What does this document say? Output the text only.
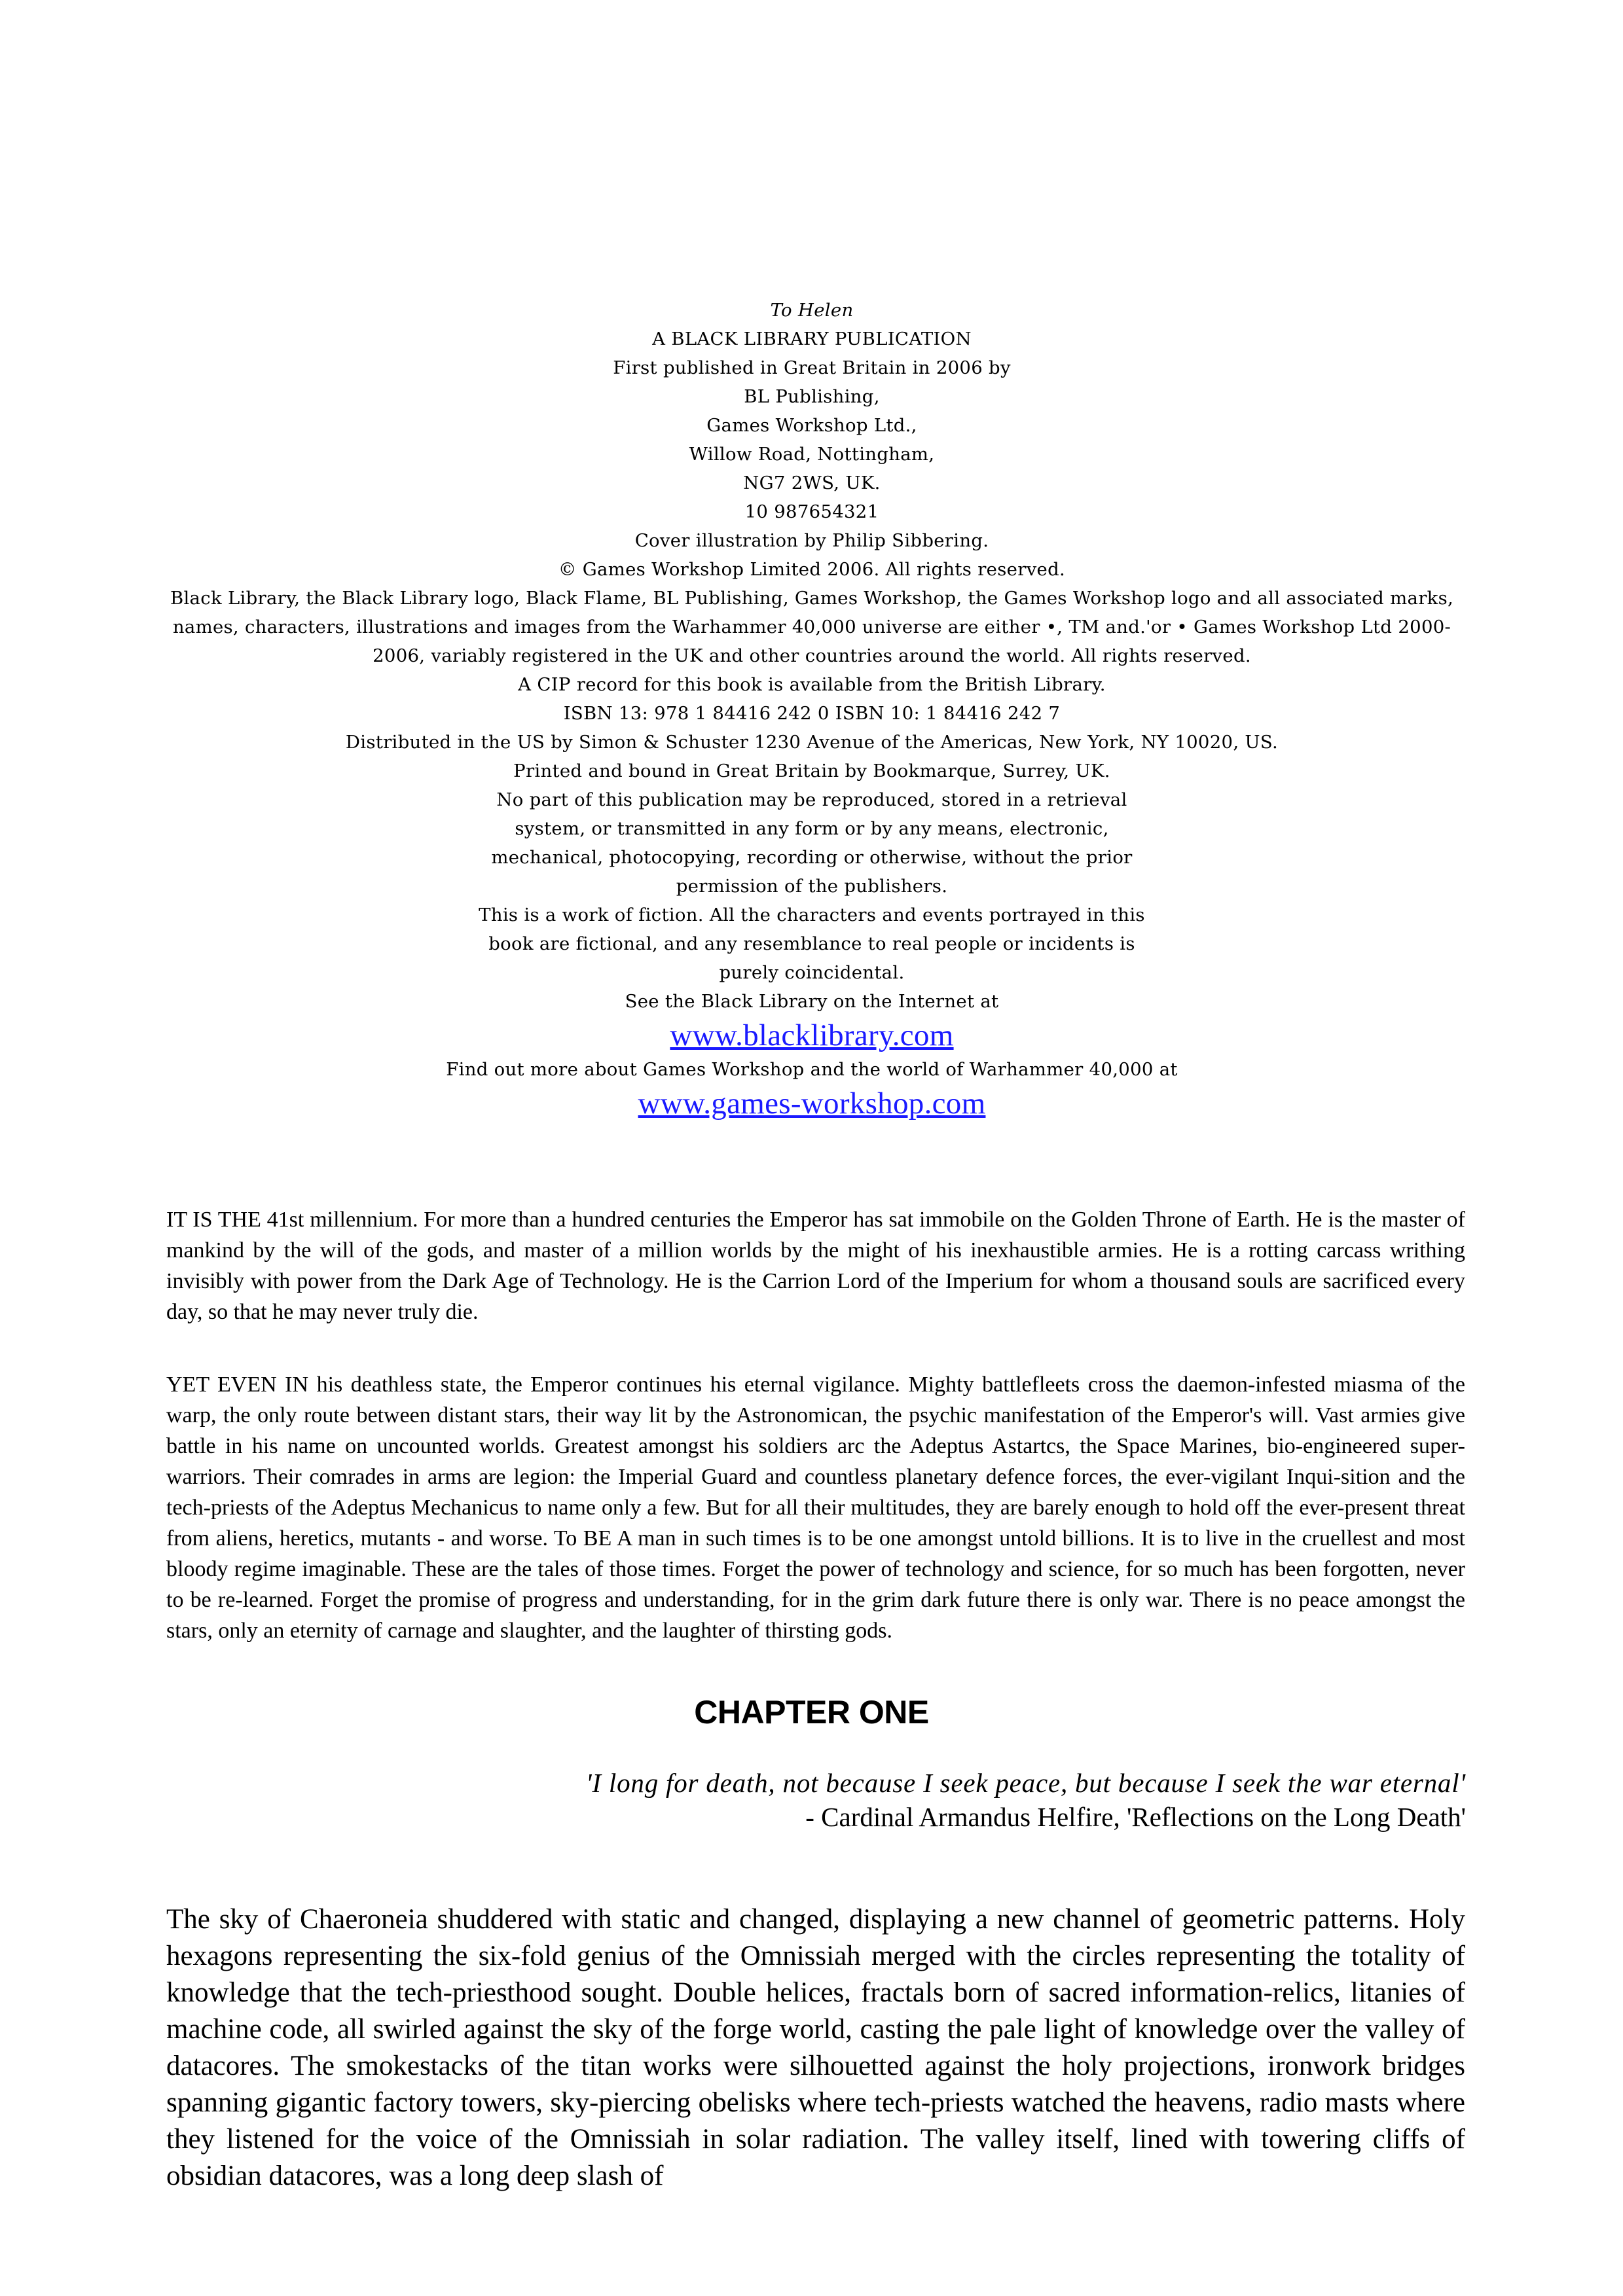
To Helen
A BLACK LIBRARY PUBLICATION
First published in Great Britain in 2006 by
BL Publishing,
Games Workshop Ltd.,
Willow Road, Nottingham,
NG7 2WS, UK.
10 987654321
Cover illustration by Philip Sibbering.
© Games Workshop Limited 2006. All rights reserved.
Black Library, the Black Library logo, Black Flame, BL Publishing, Games Workshop, the Games Workshop logo and all associated marks,
names, characters, illustrations and images from the Warhammer 40,000 universe are either •, TM and.'or • Games Workshop Ltd 2000-2006, variably registered in the UK and other countries around the world. All rights reserved.
A CIP record for this book is available from the British Library.
ISBN 13: 978 1 84416 242 0 ISBN 10: 1 84416 242 7
Distributed in the US by Simon & Schuster 1230 Avenue of the Americas, New York, NY 10020, US.
Printed and bound in Great Britain by Bookmarque, Surrey, UK.
No part of this publication may be reproduced, stored in a retrieval
system, or transmitted in any form or by any means, electronic,
mechanical, photocopying, recording or otherwise, without the prior
permission of the publishers.
This is a work of fiction. All the characters and events portrayed in this
book are fictional, and any resemblance to real people or incidents is
purely coincidental.
See the Black Library on the Internet at
www.blacklibrary.com
Find out more about Games Workshop and the world of Warhammer 40,000 at
www.games-workshop.com

IT IS THE 41st millennium. For more than a hundred centuries the Emperor has sat immobile on the Golden Throne of Earth. He is the master of mankind by the will of the gods, and master of a million worlds by the might of his inexhaustible armies. He is a rotting carcass writhing invisibly with power from the Dark Age of Technology. He is the Carrion Lord of the Imperium for whom a thousand souls are sacrificed every day, so that he may never truly die.

YET EVEN IN his deathless state, the Emperor continues his eternal vigilance. Mighty battlefleets cross the daemon-infested miasma of the warp, the only route between distant stars, their way lit by the Astronomican, the psychic manifestation of the Emperor's will. Vast armies give battle in his name on uncounted worlds. Greatest amongst his soldiers arc the Adeptus Astartcs, the Space Marines, bio-engineered super-warriors. Their comrades in arms are legion: the Imperial Guard and countless planetary defence forces, the ever-vigilant Inqui-sition and the tech-priests of the Adeptus Mechanicus to name only a few. But for all their multitudes, they are barely enough to hold off the ever-present threat from aliens, heretics, mutants - and worse. To BE A man in such times is to be one amongst untold billions. It is to live in the cruellest and most bloody regime imaginable. These are the tales of those times. Forget the power of technology and science, for so much has been forgotten, never to be re-learned. Forget the promise of progress and understanding, for in the grim dark future there is only war. There is no peace amongst the stars, only an eternity of carnage and slaughter, and the laughter of thirsting gods.

CHAPTER ONE
'I long for death, not because I seek peace, but because I seek the war eternal'
- Cardinal Armandus Helfire, 'Reflections on the Long Death'

The sky of Chaeroneia shuddered with static and changed, displaying a new channel of geometric patterns. Holy hexagons representing the six-fold genius of the Omnissiah merged with the circles representing the totality of knowledge that the tech-priesthood sought. Double helices, fractals born of sacred information-relics, litanies of machine code, all swirled against the sky of the forge world, casting the pale light of knowledge over the valley of datacores. The smokestacks of the titan works were silhouetted against the holy projections, ironwork bridges spanning gigantic factory towers, sky-piercing obelisks where tech-priests watched the heavens, radio masts where they listened for the voice of the Omnissiah in solar radiation. The valley itself, lined with towering cliffs of obsidian datacores, was a long deep slash of
